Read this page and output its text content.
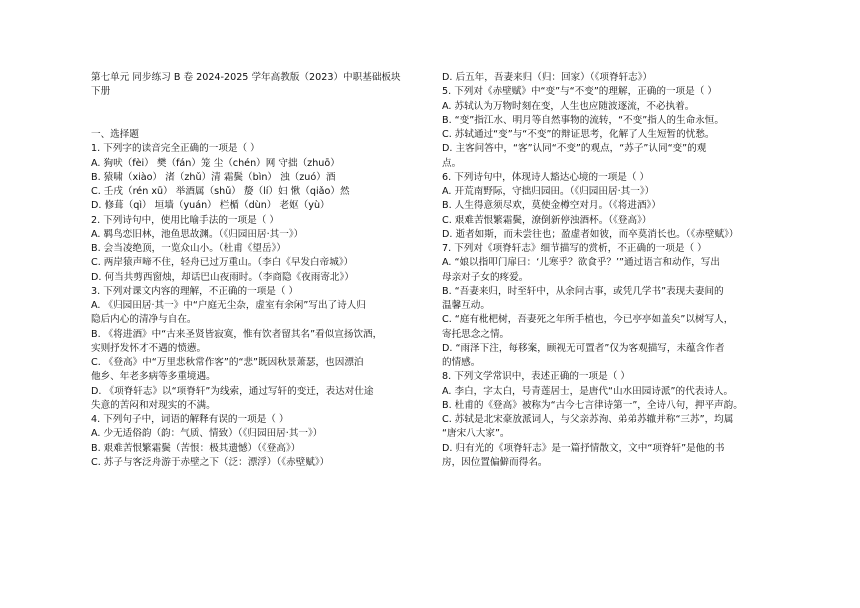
第七单元 同步练习 B 卷 2024-2025 学年高教版（2023）中职基础板块
下册
一、选择题
1. 下列字的读音完全正确的一项是（ ）
A. 狗吠（fèi） 樊（fán）笼 尘（chén）网 守拙（zhuō）
B. 猿啸（xiào） 渚（zhǔ）清 霜鬓（bìn） 浊（zuó）酒
C. 壬戌（rén xū） 举酒属（shǔ） 嫠（lí）妇 愀（qiǎo）然
D. 修葺（qì） 垣墙（yuán） 栏楯（dùn） 老妪（yù）
2. 下列诗句中，使用比喻手法的一项是（ ）
A. 羁鸟恋旧林，池鱼思故渊。（《归园田居·其一》）
B. 会当凌绝顶，一览众山小。（杜甫《望岳》）
C. 两岸猿声啼不住，轻舟已过万重山。（李白《早发白帝城》）
D. 何当共剪西窗烛，却话巴山夜雨时。（李商隐《夜雨寄北》）
3. 下列对课文内容的理解，不正确的一项是（ ）
A. 《归园田居·其一》中“户庭无尘杂，虚室有余闲”写出了诗人归
隐后内心的清净与自在。
B. 《将进酒》中“古来圣贤皆寂寞，惟有饮者留其名”看似宣扬饮酒，
实则抒发怀才不遇的愤懑。
C. 《登高》中“万里悲秋常作客”的“悲”既因秋景萧瑟，也因漂泊
他乡、年老多病等多重境遇。
D. 《项脊轩志》以“项脊轩”为线索，通过写轩的变迁，表达对仕途
失意的苦闷和对现实的不满。
4. 下列句子中，词语的解释有误的一项是（ ）
A. 少无适俗韵（韵：气质、情致）（《归园田居·其一》）
B. 艰难苦恨繁霜鬓（苦恨：极其遗憾）（《登高》）
C. 苏子与客泛舟游于赤壁之下（泛：漂浮）（《赤壁赋》）
D. 后五年，吾妻来归（归：回家）（《项脊轩志》）
5. 下列对《赤壁赋》中“变”与“不变”的理解，正确的一项是（ ）
A. 苏轼认为万物时刻在变，人生也应随波逐流，不必执着。
B. “变”指江水、明月等自然事物的流转，“不变”指人的生命永恒。
C. 苏轼通过“变”与“不变”的辩证思考，化解了人生短暂的忧愁。
D. 主客问答中，“客”认同“不变”的观点，“苏子”认同“变”的观
点。
6. 下列诗句中，体现诗人豁达心境的一项是（ ）
A. 开荒南野际，守拙归园田。（《归园田居·其一》）
B. 人生得意须尽欢，莫使金樽空对月。（《将进酒》）
C. 艰难苦恨繁霜鬓，潦倒新停浊酒杯。（《登高》）
D. 逝者如斯，而未尝往也；盈虚者如彼，而卒莫消长也。（《赤壁赋》）
7. 下列对《项脊轩志》细节描写的赏析，不正确的一项是（ ）
A. “娘以指叩门扉曰：‘儿寒乎？欲食乎？’”通过语言和动作，写出
母亲对子女的疼爱。
B. “吾妻来归，时至轩中，从余问古事，或凭几学书”表现夫妻间的
温馨互动。
C. “庭有枇杷树，吾妻死之年所手植也，今已亭亭如盖矣”以树写人，
寄托思念之情。
D. “雨泽下注，每移案，顾视无可置者”仅为客观描写，未蕴含作者
的情感。
8. 下列文学常识中，表述正确的一项是（ ）
A. 李白，字太白，号青莲居士，是唐代“山水田园诗派”的代表诗人。
B. 杜甫的《登高》被称为“古今七言律诗第一”，全诗八句，押平声韵。
C. 苏轼是北宋豪放派词人，与父亲苏洵、弟弟苏辙并称“三苏”，均属
“唐宋八大家”。
D. 归有光的《项脊轩志》是一篇抒情散文，文中“项脊轩”是他的书
房，因位置偏僻而得名。
